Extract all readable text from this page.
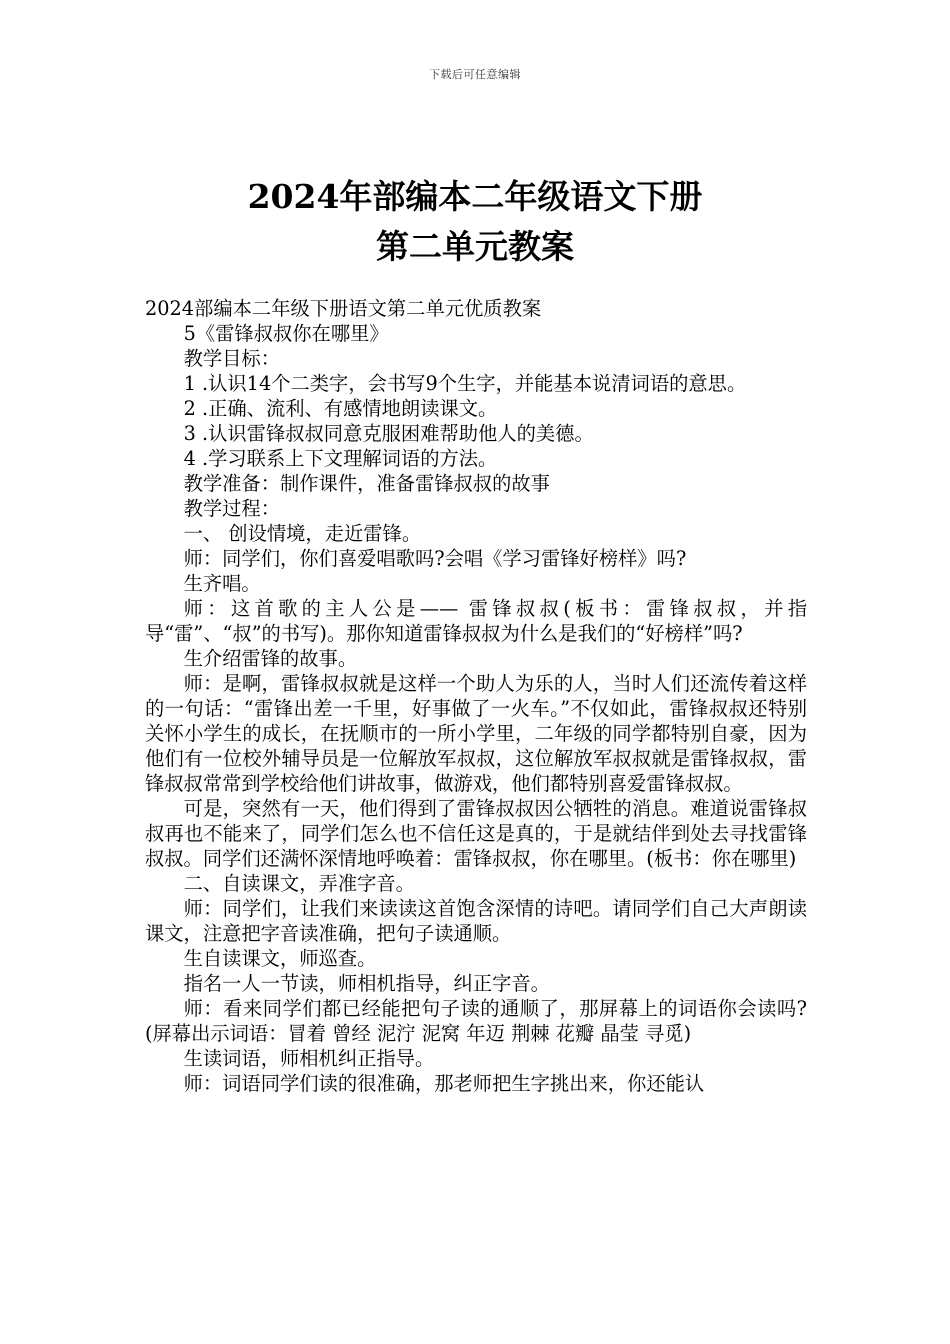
下载后可任意编辑
2024年部编本二年级语文下册
第二单元教案

2024部编本二年级下册语文第二单元优质教案

5《雷锋叔叔你在哪里》

教学目标：

1 .认识14个二类字，会书写9个生字，并能基本说清词语的意思。

2 .正确、流利、有感情地朗读课文。

3 .认识雷锋叔叔同意克服困难帮助他人的美德。

4 .学习联系上下文理解词语的方法。

教学准备：制作课件，准备雷锋叔叔的故事

教学过程：

一、 创设情境，走近雷锋。

师：同学们，你们喜爱唱歌吗?会唱《学习雷锋好榜样》吗?

生齐唱。

师：这首歌的主人公是—— 雷锋叔叔(板书：雷锋叔叔，并指导“雷”、“叔”的书写)。那你知道雷锋叔叔为什么是我们的“好榜样”吗?

生介绍雷锋的故事。

师：是啊，雷锋叔叔就是这样一个助人为乐的人，当时人们还流传着这样的一句话：“雷锋出差一千里，好事做了一火车。”不仅如此，雷锋叔叔还特别关怀小学生的成长，在抚顺市的一所小学里，二年级的同学都特别自豪，因为他们有一位校外辅导员是一位解放军叔叔，这位解放军叔叔就是雷锋叔叔，雷锋叔叔常常到学校给他们讲故事，做游戏，他们都特别喜爱雷锋叔叔。

可是，突然有一天，他们得到了雷锋叔叔因公牺牲的消息。难道说雷锋叔叔再也不能来了，同学们怎么也不信任这是真的，于是就结伴到处去寻找雷锋叔叔。同学们还满怀深情地呼唤着：雷锋叔叔，你在哪里。(板书：你在哪里)

二、自读课文，弄准字音。

师：同学们，让我们来读读这首饱含深情的诗吧。请同学们自己大声朗读课文，注意把字音读准确，把句子读通顺。

生自读课文，师巡查。

指名一人一节读，师相机指导，纠正字音。

师：看来同学们都已经能把句子读的通顺了，那屏幕上的词语你会读吗? (屏幕出示词语：冒着 曾经 泥泞 泥窝 年迈 荆棘 花瓣 晶莹 寻觅)

生读词语，师相机纠正指导。

师：词语同学们读的很准确，那老师把生字挑出来，你还能认
